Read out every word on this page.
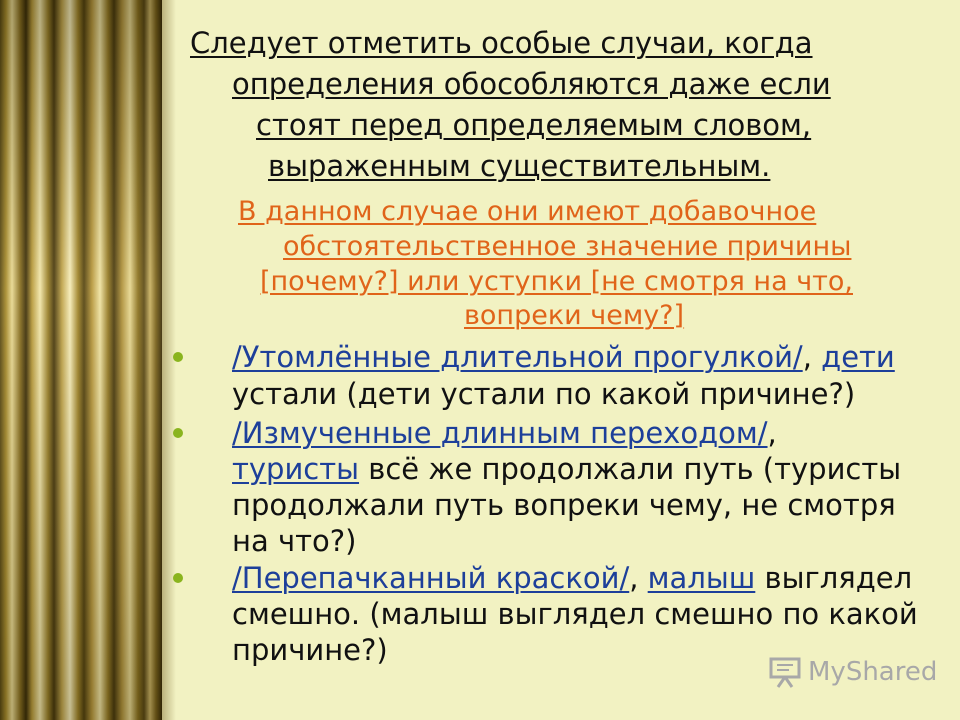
Следует отметить особые случаи, когда
определения обособляются даже если
стоят перед определяемым словом,
выраженным существительным.
В данном случае они имеют добавочное
обстоятельственное значение причины
[почему?] или уступки [не смотря на что,
вопреки чему?]
/Утомлённые длительной прогулкой/, дети
устали (дети устали по какой причине?)
/Измученные длинным переходом/,
туристы всё же продолжали путь (туристы
продолжали путь вопреки чему, не смотря
на что?)
/Перепачканный краской/, малыш выглядел
смешно. (малыш выглядел смешно по какой
причине?)
MyShared
